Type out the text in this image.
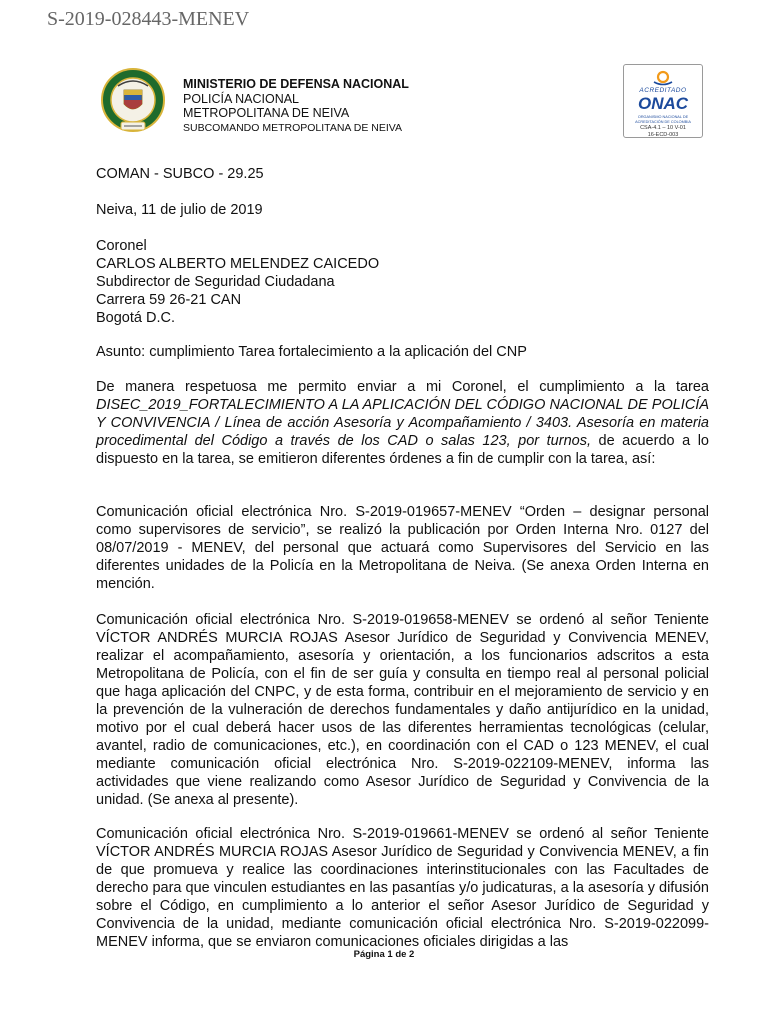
S-2019-028443-MENEV
MINISTERIO DE DEFENSA NACIONAL
POLICÍA NACIONAL
METROPOLITANA DE NEIVA
SUBCOMANDO METROPOLITANA DE NEIVA
ACREDITADO
ONAC
ORGANISMO NACIONAL DE
ACREDITACIÓN DE COLOMBIA
CSA-4.1 – 10 V-01
16-ECD-003
COMAN - SUBCO - 29.25
Neiva, 11 de julio de 2019
Coronel
CARLOS ALBERTO MELENDEZ CAICEDO
Subdirector de Seguridad Ciudadana
Carrera 59 26-21 CAN
Bogotá D.C.
Asunto: cumplimiento Tarea fortalecimiento a la aplicación del CNP
De manera respetuosa me permito enviar a mi Coronel, el cumplimiento a la tarea DISEC_2019_FORTALECIMIENTO A LA APLICACIÓN DEL CÓDIGO NACIONAL DE POLICÍA Y CONVIVENCIA / Línea de acción Asesoría y Acompañamiento / 3403. Asesoría en materia procedimental del Código a través de los CAD o salas 123, por turnos, de acuerdo a lo dispuesto en la tarea, se emitieron diferentes órdenes a fin de cumplir con la tarea, así:
Comunicación oficial electrónica Nro. S-2019-019657-MENEV “Orden – designar personal como supervisores de servicio”, se realizó la publicación por Orden Interna Nro. 0127 del 08/07/2019 - MENEV, del personal que actuará como Supervisores del Servicio en las diferentes unidades de la Policía en la Metropolitana de Neiva. (Se anexa Orden Interna en mención.
Comunicación oficial electrónica Nro. S-2019-019658-MENEV se ordenó al señor Teniente VÍCTOR ANDRÉS MURCIA ROJAS Asesor Jurídico de Seguridad y Convivencia MENEV, realizar el acompañamiento, asesoría y orientación, a los funcionarios adscritos a esta Metropolitana de Policía, con el fin de ser guía y consulta en tiempo real al personal policial que haga aplicación del CNPC, y de esta forma, contribuir en el mejoramiento de servicio y en la prevención de la vulneración de derechos fundamentales y daño antijurídico en la unidad, motivo por el cual deberá hacer usos de las diferentes herramientas tecnológicas (celular, avantel, radio de comunicaciones, etc.), en coordinación con el CAD o 123 MENEV, el cual mediante comunicación oficial electrónica Nro. S-2019-022109-MENEV, informa las actividades que viene realizando como Asesor Jurídico de Seguridad y Convivencia de la unidad. (Se anexa al presente).
Comunicación oficial electrónica Nro. S-2019-019661-MENEV se ordenó al señor Teniente VÍCTOR ANDRÉS MURCIA ROJAS Asesor Jurídico de Seguridad y Convivencia MENEV, a fin de que promueva y realice las coordinaciones interinstitucionales con las Facultades de derecho para que vinculen estudiantes en las pasantías y/o judicaturas, a la asesoría y difusión sobre el Código, en cumplimiento a lo anterior el señor Asesor Jurídico de Seguridad y Convivencia de la unidad, mediante comunicación oficial electrónica Nro. S-2019-022099-MENEV informa, que se enviaron comunicaciones oficiales dirigidas a las
Página 1 de 2
